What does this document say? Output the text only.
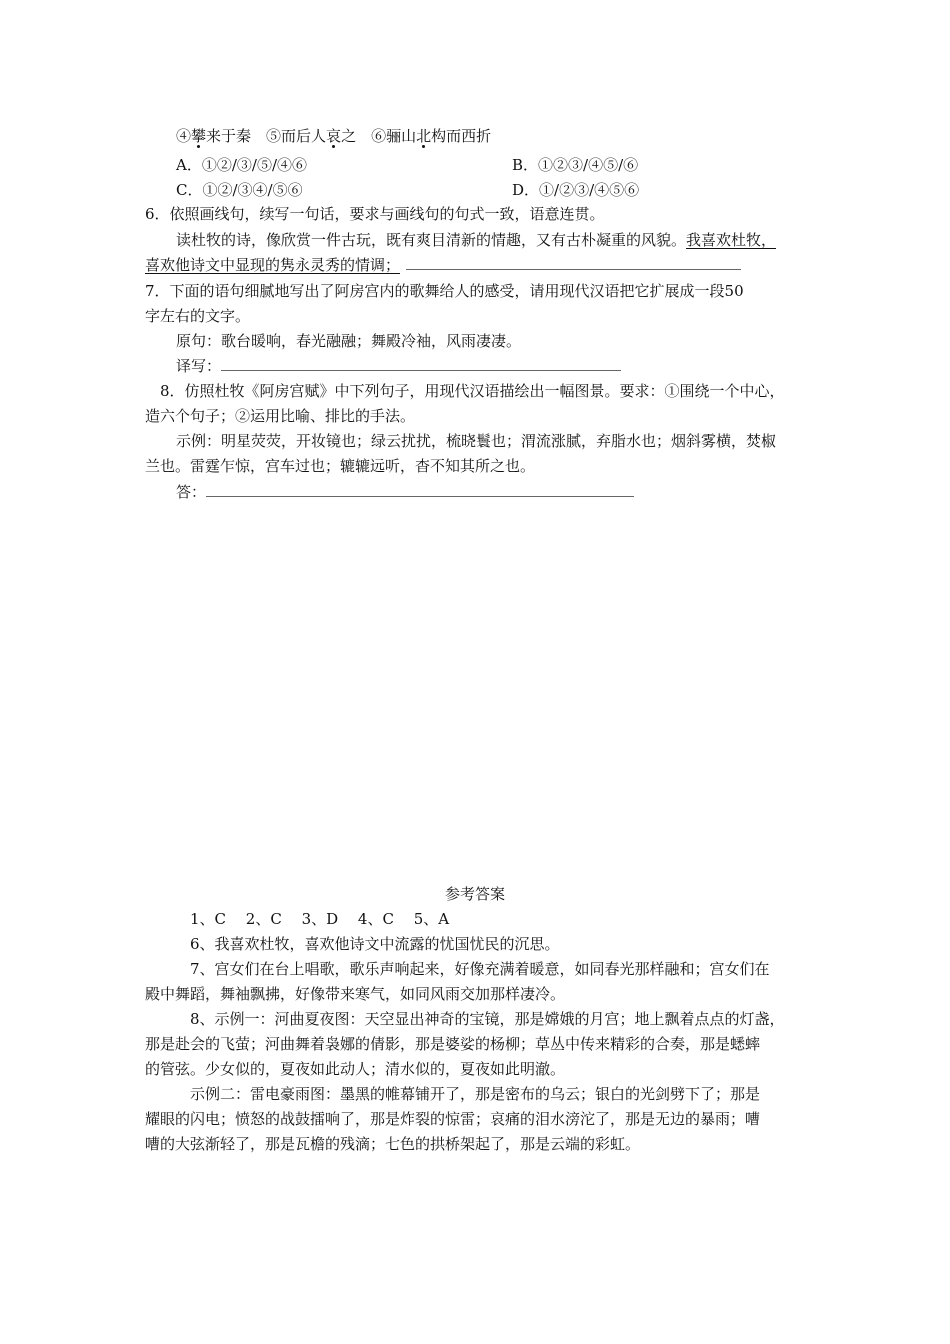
④攀来于秦　⑤而后人哀之　⑥骊山北构而西折
A．①②/③/⑤/④⑥	B．①②③/④⑤/⑥
C．①②/③④/⑤⑥	D．①/②③/④⑤⑥
6．依照画线句，续写一句话，要求与画线句的句式一致，语意连贯。
读杜牧的诗，像欣赏一件古玩，既有爽目清新的情趣，又有古朴凝重的风貌。我喜欢杜牧，
喜欢他诗文中显现的隽永灵秀的情调；
7．下面的语句细腻地写出了阿房宫内的歌舞给人的感受，请用现代汉语把它扩展成一段50
字左右的文字。
原句：歌台暖响，春光融融；舞殿冷袖，风雨凄凄。
译写：
8．仿照杜牧《阿房宫赋》中下列句子，用现代汉语描绘出一幅图景。要求：①围绕一个中心，
造六个句子；②运用比喻、排比的手法。
示例：明星荧荧，开妆镜也；绿云扰扰，梳晓鬟也；渭流涨腻，弃脂水也；烟斜雾横，焚椒
兰也。雷霆乍惊，宫车过也；辘辘远听，杳不知其所之也。
答：
参考答案
1、C　 2、C　 3、D　 4、C　 5、A
6、我喜欢杜牧，喜欢他诗文中流露的忧国忧民的沉思。
7、宫女们在台上唱歌，歌乐声响起来，好像充满着暖意，如同春光那样融和；宫女们在
殿中舞蹈，舞袖飘拂，好像带来寒气，如同风雨交加那样凄冷。
8、示例一：河曲夏夜图：天空显出神奇的宝镜，那是嫦娥的月宫；地上飘着点点的灯盏，
那是赴会的飞萤；河曲舞着袅娜的倩影，那是婆娑的杨柳；草丛中传来精彩的合奏，那是蟋蟀
的管弦。少女似的，夏夜如此动人；清水似的，夏夜如此明澈。
示例二：雷电豪雨图：墨黑的帷幕铺开了，那是密布的乌云；银白的光剑劈下了；那是
耀眼的闪电；愤怒的战鼓擂响了，那是炸裂的惊雷；哀痛的泪水滂沱了，那是无边的暴雨；嘈
嘈的大弦渐轻了，那是瓦檐的残滴；七色的拱桥架起了，那是云端的彩虹。
